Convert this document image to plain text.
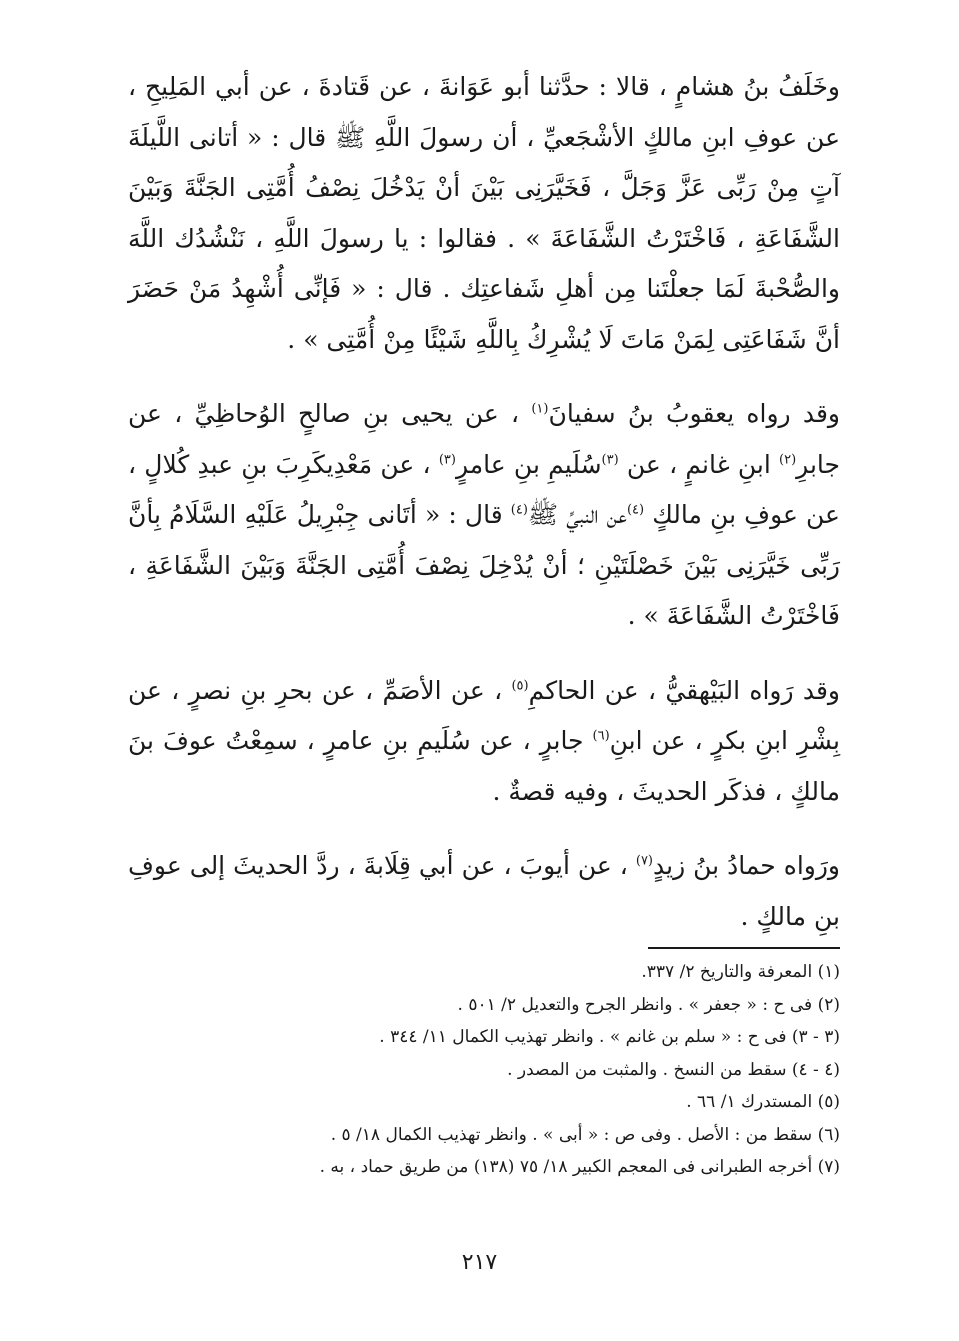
وخَلَفُ بنُ هشامٍ ، قالا : حدَّثنا أبو عَوَانةَ ، عن قَتادةَ ، عن أبي المَلِيحِ ، عن عوفِ ابنِ مالكٍ الأشْجَعيِّ ، أن رسولَ اللَّهِ ﷺ قال : « أتانى اللَّيلَةَ آتٍ مِنْ رَبِّى عَزَّ وَجَلَّ ، فَخَيَّرَنِى بَيْنَ أنْ يَدْخُلَ نِصْفُ أُمَّتِى الجَنَّةَ وَبَيْنَ الشَّفَاعَةِ ، فَاخْتَرْتُ الشَّفَاعَةَ » . فقالوا : يا رسولَ اللَّهِ ، نَنْشُدُك اللَّهَ والصُّحْبةَ لَمَا جعلْتَنا مِن أهلِ شَفاعتِك . قال : « فَإنِّى أُشْهِدُ مَنْ حَضَرَ أنَّ شَفَاعَتِى لِمَنْ مَاتَ لَا يُشْرِكُ بِاللَّهِ شَيْئًا مِنْ أُمَّتِى » .

وقد رواه يعقوبُ بنُ سفيانَ$^{(١)}$ ، عن يحيى بنِ صالحٍ الوُحاظِيِّ ، عن جابرِ$^{(٢)}$ ابنِ غانمٍ ، عن $^{(٣)}$سُلَيمِ بنِ عامرٍ$^{(٣)}$ ، عن مَعْدِيكَرِبَ بنِ عبدِ كُلالٍ ، عن عوفِ بنِ مالكٍ $^{(٤)}$عن النبيِّ ﷺ$^{(٤)}$ قال : « أتَانى جِبْرِيلُ عَلَيْهِ السَّلَامُ بِأنَّ رَبِّى خَيَّرَنِى بَيْنَ خَصْلَتَيْنِ ؛ أنْ يُدْخِلَ نِصْفَ أُمَّتِى الجَنَّةَ وَبَيْنَ الشَّفَاعَةِ ، فَاخْتَرْتُ الشَّفَاعَةَ » .

وقد رَواه البَيْهقيُّ ، عن الحاكمِ$^{(٥)}$ ، عن الأصَمِّ ، عن بحرِ بنِ نصرٍ ، عن بِشْرِ ابنِ بكرٍ ، عن ابنِ$^{(٦)}$ جابرٍ ، عن سُلَيمِ بنِ عامرٍ ، سمِعْتُ عوفَ بنَ مالكٍ ، فذكَر الحديثَ ، وفيه قصةٌ .

ورَواه حمادُ بنُ زيدٍ$^{(٧)}$ ، عن أيوبَ ، عن أبي قِلَابةَ ، ردَّ الحديثَ إلى عوفِ بنِ مالكٍ .

(١) المعرفة والتاريخ ٢/ ٣٣٧.
(٢) فى ح : « جعفر » . وانظر الجرح والتعديل ٢/ ٥٠١ .
(٣ - ٣) فى ح : « سلم بن غانم » . وانظر تهذيب الكمال ١١/ ٣٤٤ .
(٤ - ٤) سقط من النسخ . والمثبت من المصدر .
(٥) المستدرك ١/ ٦٦ .
(٦) سقط من : الأصل . وفى ص : « أبى » . وانظر تهذيب الكمال ١٨/ ٥ .
(٧) أخرجه الطبرانى فى المعجم الكبير ١٨/ ٧٥ (١٣٨) من طريق حماد ، به .
٢١٧
